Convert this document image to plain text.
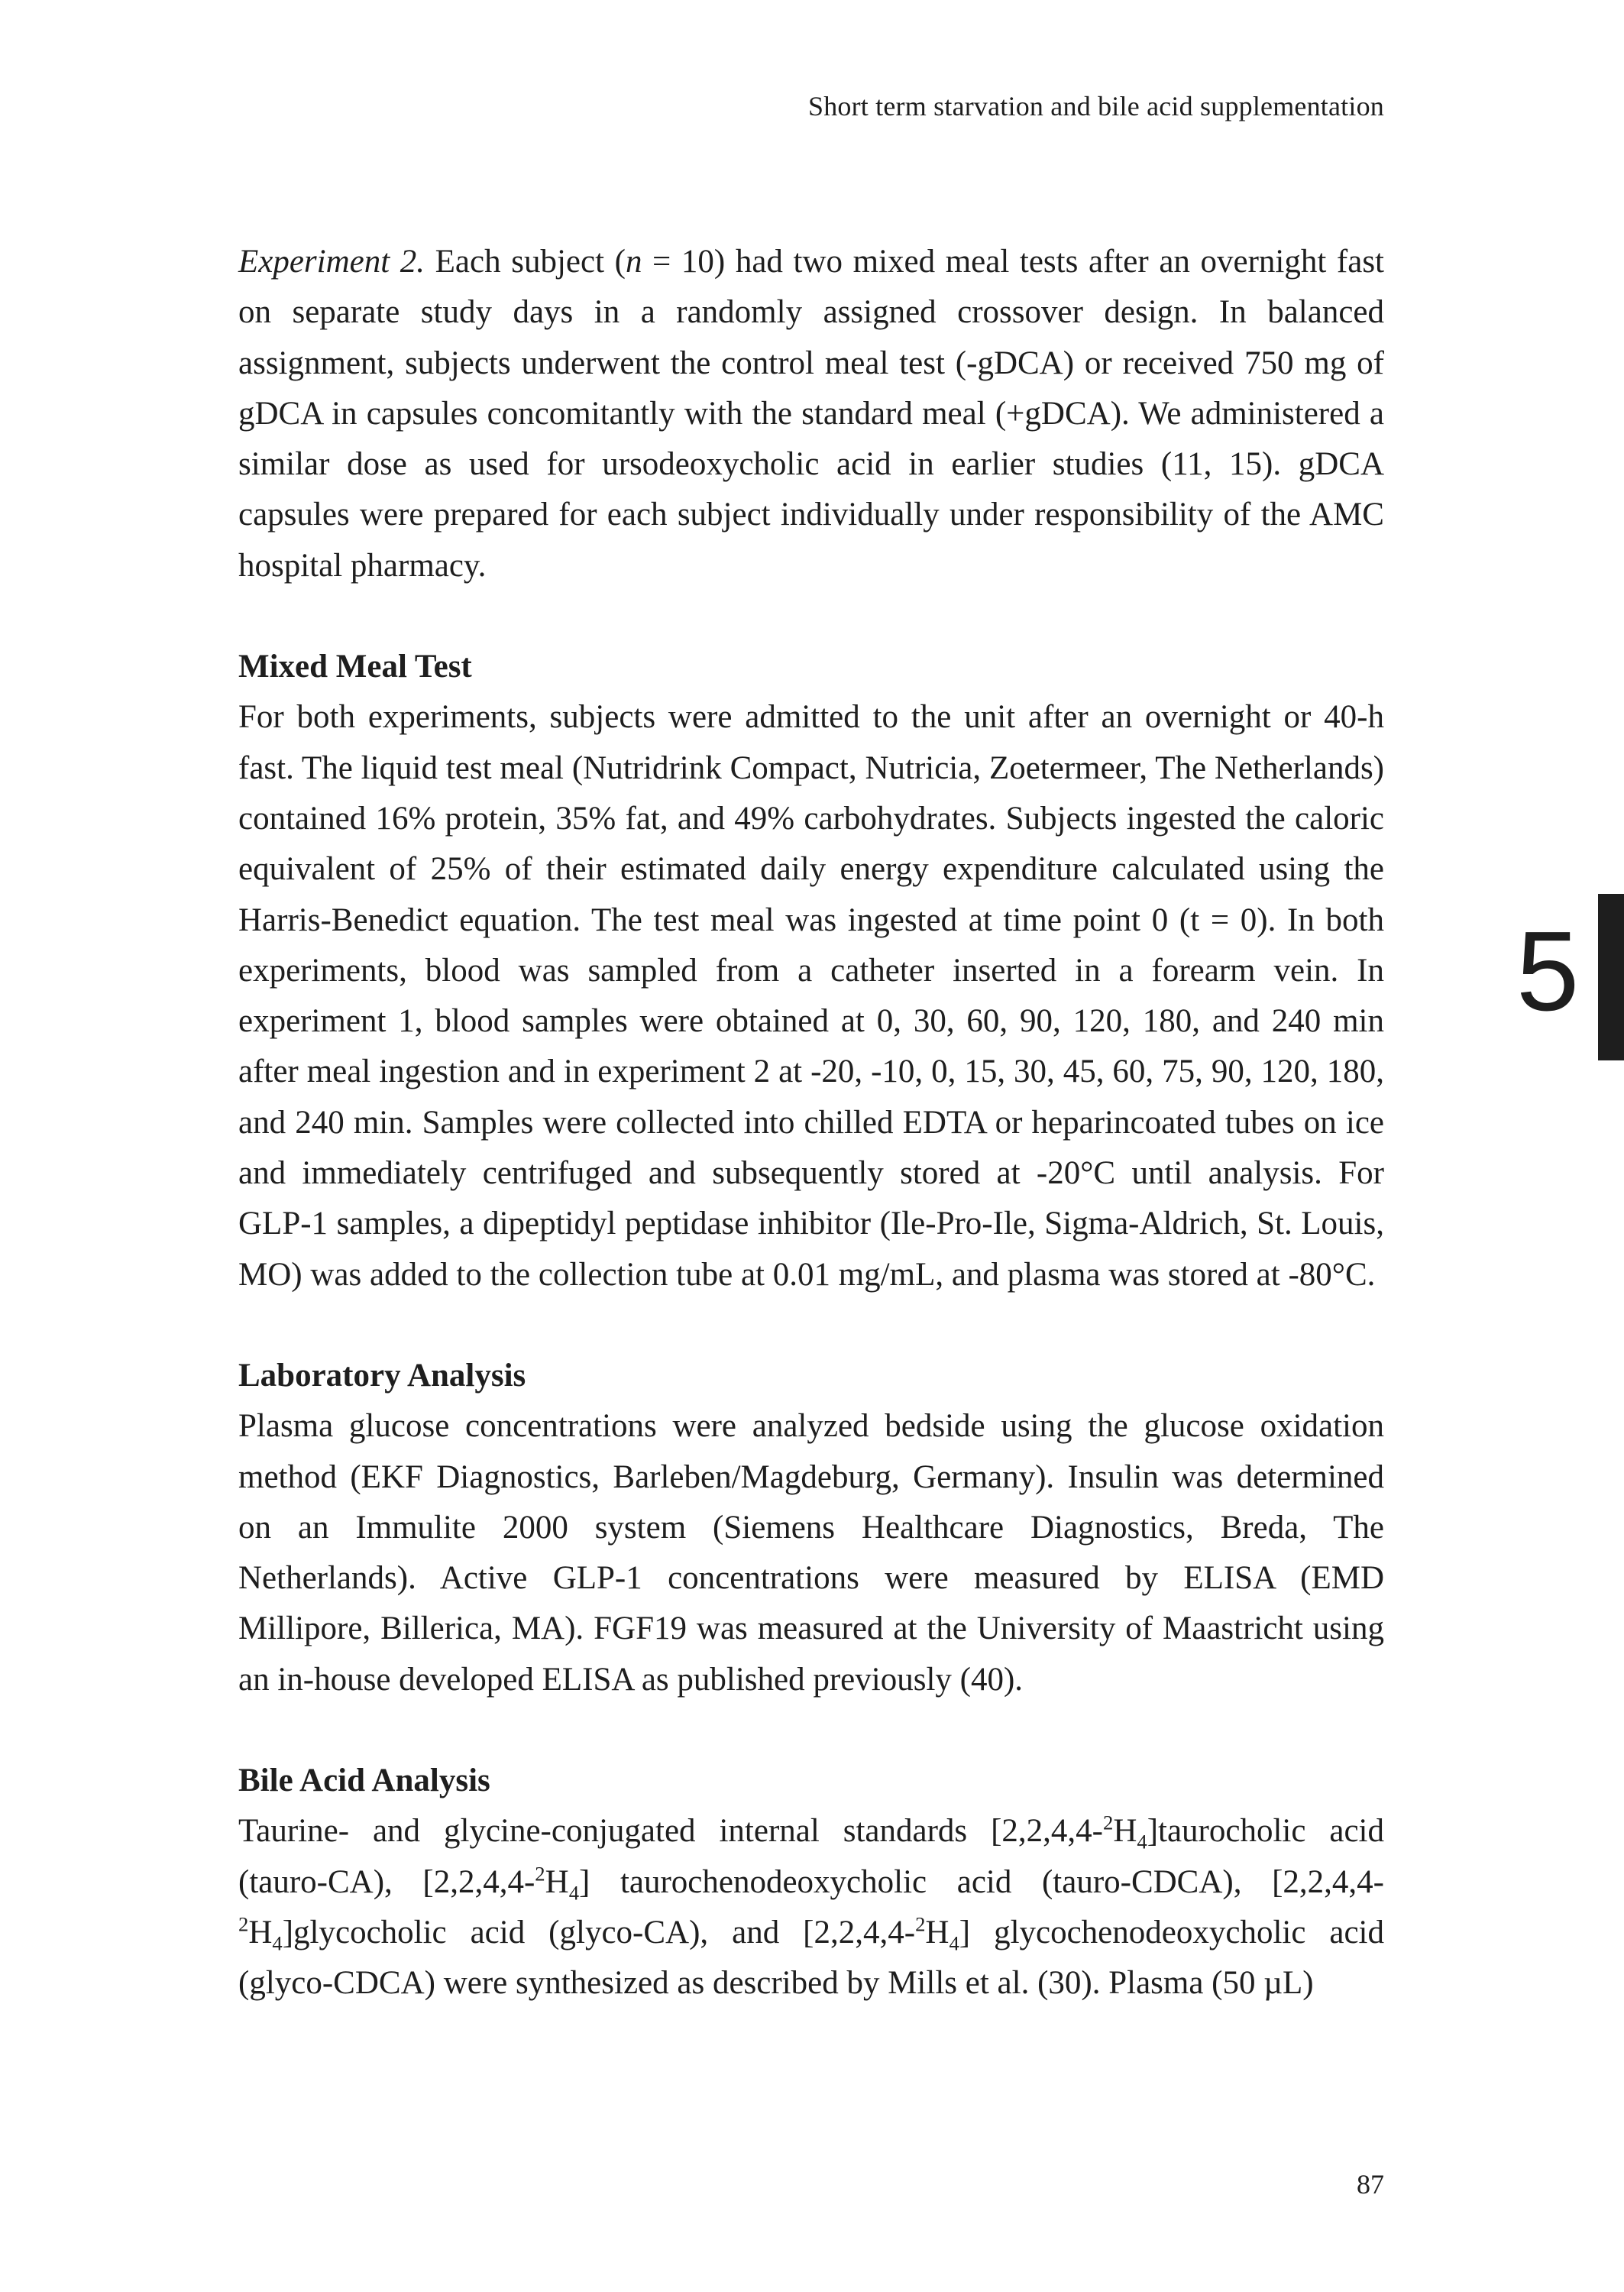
Short term starvation and bile acid supplementation
5

Experiment 2. Each subject (n = 10) had two mixed meal tests after an overnight fast on separate study days in a randomly assigned crossover design. In balanced assignment, subjects underwent the control meal test (-gDCA) or received 750 mg of gDCA in capsules concomitantly with the standard meal (+gDCA). We administered a similar dose as used for ursodeoxycholic acid in earlier studies (11, 15). gDCA capsules were prepared for each subject individually under responsibility of the AMC hospital pharmacy.

Mixed Meal Test

For both experiments, subjects were admitted to the unit after an overnight or 40-h fast. The liquid test meal (Nutridrink Compact, Nutricia, Zoetermeer, The Netherlands) contained 16% protein, 35% fat, and 49% carbohydrates. Subjects ingested the caloric equivalent of 25% of their estimated daily energy expenditure calculated using the Harris-Benedict equation. The test meal was ingested at time point 0 (t = 0). In both experiments, blood was sampled from a catheter inserted in a forearm vein. In experiment 1, blood samples were obtained at 0, 30, 60, 90, 120, 180, and 240 min after meal ingestion and in experiment 2 at -20, -10, 0, 15, 30, 45, 60, 75, 90, 120, 180, and 240 min. Samples were collected into chilled EDTA or heparincoated tubes on ice and immediately centrifuged and subsequently stored at -20°C until analysis. For GLP-1 samples, a dipeptidyl peptidase inhibitor (Ile-Pro-Ile, Sigma-Aldrich, St. Louis, MO) was added to the collection tube at 0.01 mg/mL, and plasma was stored at -80°C.

Laboratory Analysis

Plasma glucose concentrations were analyzed bedside using the glucose oxidation method (EKF Diagnostics, Barleben/Magdeburg, Germany). Insulin was determined on an Immulite 2000 system (Siemens Healthcare Diagnostics, Breda, The Netherlands). Active GLP-1 concentrations were measured by ELISA (EMD Millipore, Billerica, MA). FGF19 was measured at the University of Maastricht using an in-house developed ELISA as published previously (40).

Bile Acid Analysis

Taurine- and glycine-conjugated internal standards $[2,2,4,4-^2H_4]taurocholic$ acid (tauro-CA), $[2,2,4,4-^2H_4]$ taurochenodeoxycholic acid (tauro-CDCA), $[2,2,4,4-^2H_4]glycocholic$ acid (glyco-CA), and $[2,2,4,4-^2H_4]$ glycochenodeoxycholic acid (glyco-CDCA) were synthesized as described by Mills et al. (30). Plasma (50 µL)

87
